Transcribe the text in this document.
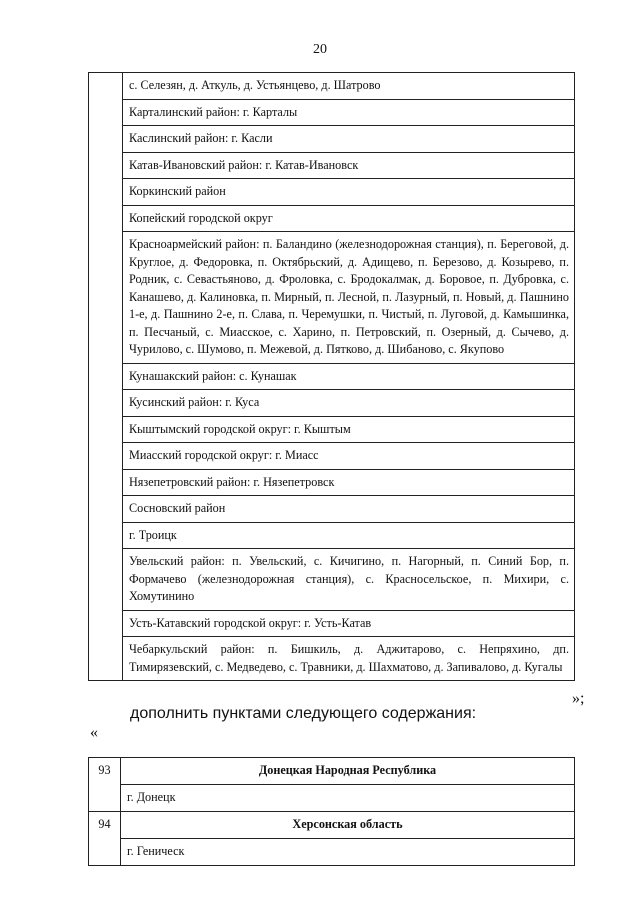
20
	с. Селезян, д. Аткуль, д. Устьянцево, д. Шатрово
	Карталинский район: г. Карталы
	Каслинский район: г. Касли
	Катав-Ивановский район: г. Катав-Ивановск
	Коркинский район
	Копейский городской округ
	Красноармейский район: п. Баландино (железнодорожная станция), п. Береговой, д. Круглое, д. Федоровка, п. Октябрьский, д. Адищево, п. Березово, д. Козырево, п. Родник, с. Севастьяново, д. Фроловка, с. Бродокалмак, д. Боровое, п. Дубровка, с. Канашево, д. Калиновка, п. Мирный, п. Лесной, п. Лазурный, п. Новый, д. Пашнино 1-е, д. Пашнино 2-е, п. Слава, п. Черемушки, п. Чистый, п. Луговой, д. Камышинка, п. Песчаный, с. Миасское, с. Харино, п. Петровский, п. Озерный, д. Сычево, д. Чурилово, с. Шумово, п. Межевой, д. Пятково, д. Шибаново, с. Якупово
	Кунашакский район: с. Кунашак
	Кусинский район: г. Куса
	Кыштымский городской округ: г. Кыштым
	Миасский городской округ: г. Миасс
	Нязепетровский район: г. Нязепетровск
	Сосновский район
	г. Троицк
	Увельский район: п. Увельский, с. Кичигино, п. Нагорный, п. Синий Бор, п. Формачево (железнодорожная станция), с. Красносельское, п. Михири, с. Хомутинино
	Усть-Катавский городской округ: г. Усть-Катав
	Чебаркульский район: п. Бишкиль, д. Аджитарово, с. Непряхино, дп. Тимирязевский, с. Медведево, с. Травники, д. Шахматово, д. Запивалово, д. Кугалы
»;
дополнить пунктами следующего содержания:
«
93	Донецкая Народная Республика
	г. Донецк
94	Херсонская область
	г. Геническ
